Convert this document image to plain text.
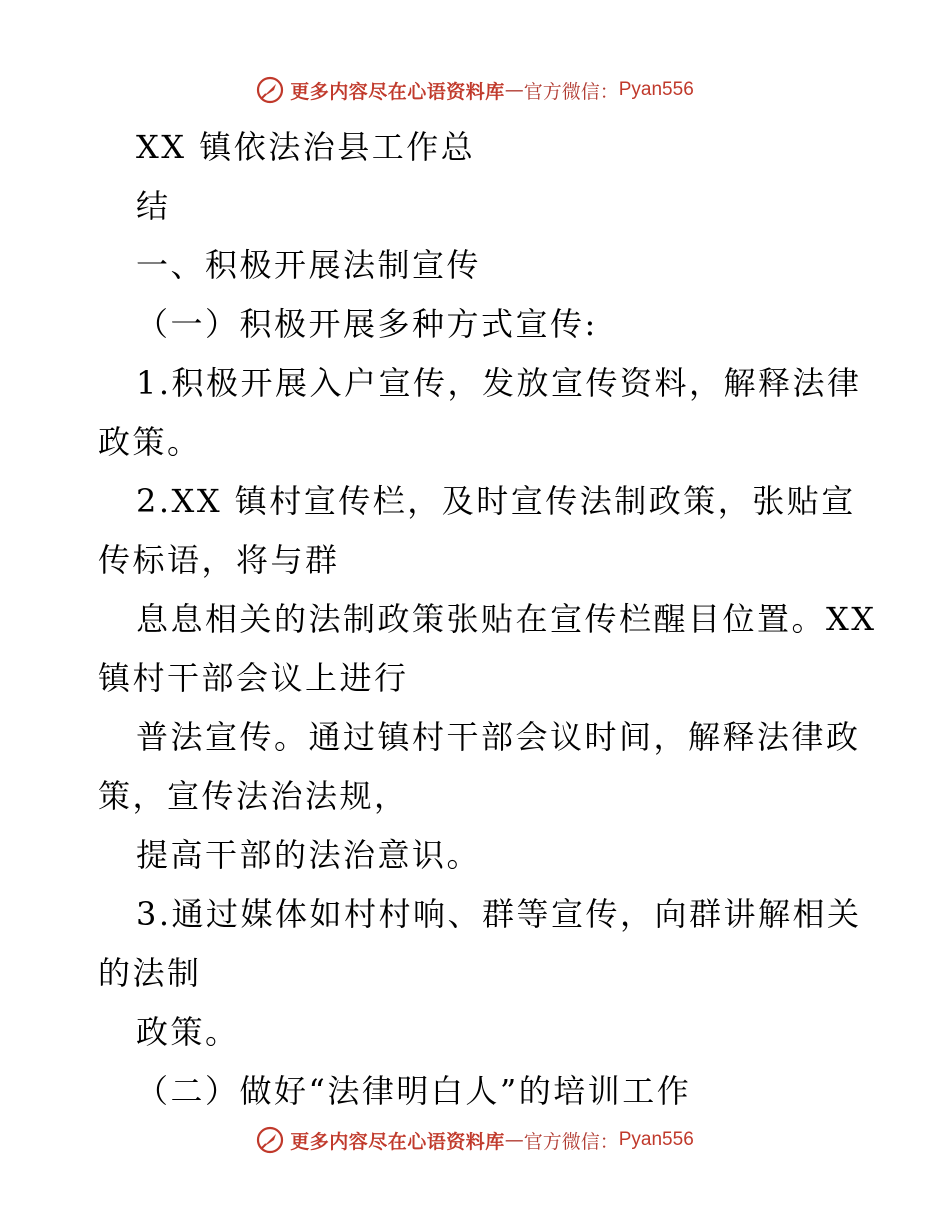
更多内容尽在心语资料库 — 官方微信： Pyan556
XX 镇依法治县工作总
结
一、积极开展法制宣传
（一）积极开展多种方式宣传:
1.积极开展入户宣传，发放宣传资料，解释法律
政策。
2.XX 镇村宣传栏，及时宣传法制政策，张贴宣
传标语，将与群
息息相关的法制政策张贴在宣传栏醒目位置。XX
镇村干部会议上进行
普法宣传。通过镇村干部会议时间，解释法律政
策，宣传法治法规，
提高干部的法治意识。
3.通过媒体如村村响、群等宣传，向群讲解相关
的法制
政策。
（二）做好“法律明白人”的培训工作
更多内容尽在心语资料库 — 官方微信： Pyan556
